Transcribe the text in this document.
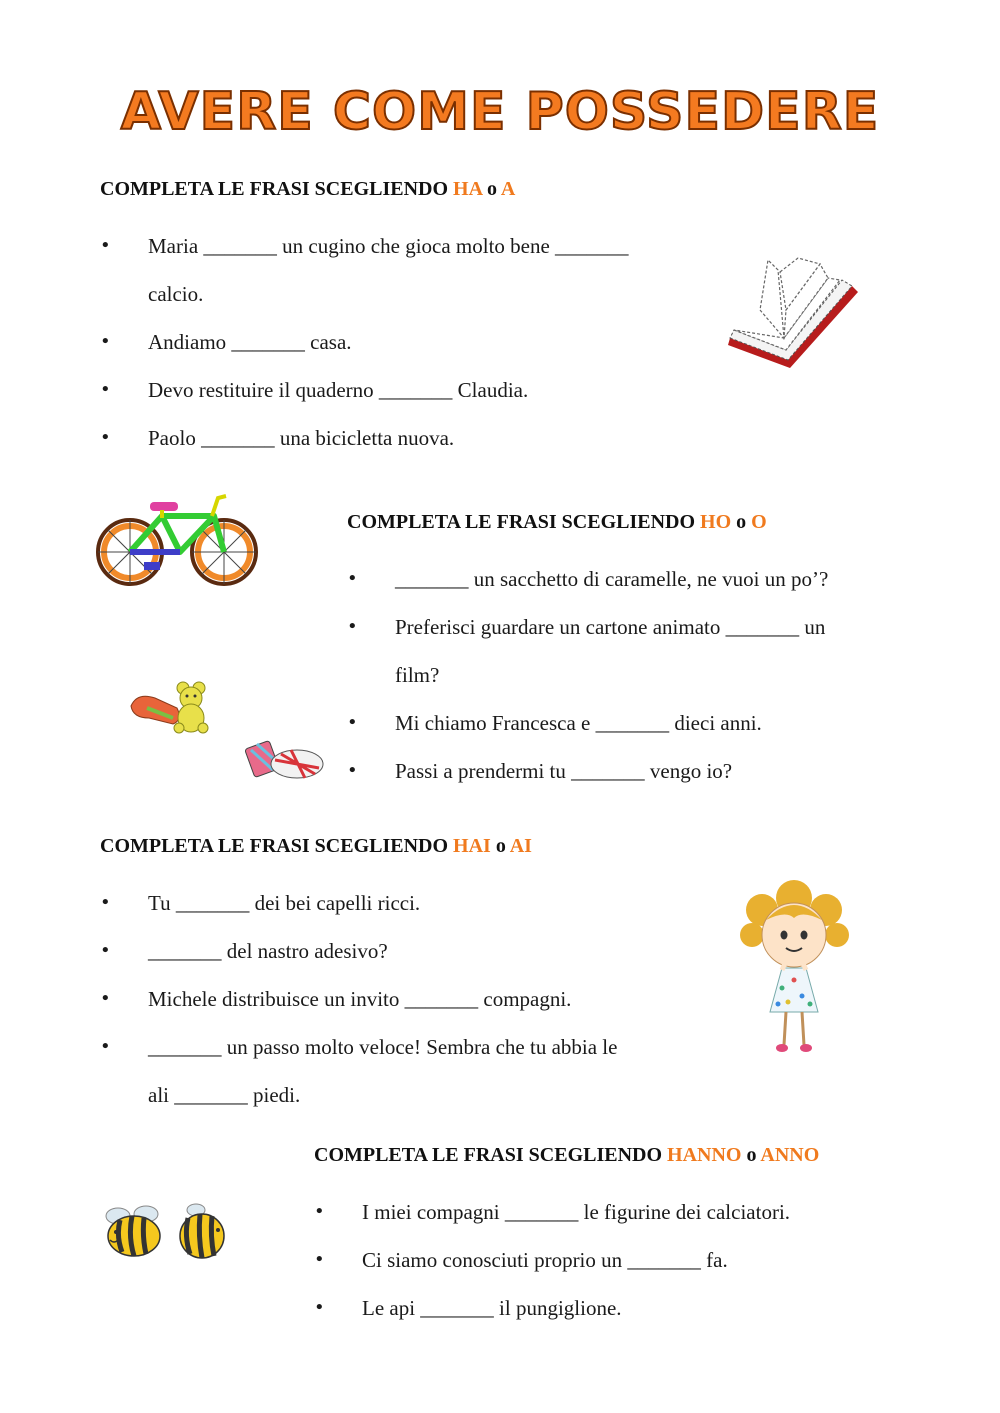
AVERE COME POSSEDERE
COMPLETA LE FRASI SCEGLIENDO HA o A
• Maria _______ un cugino che gioca molto bene _______
calcio.
• Andiamo _______ casa.
• Devo restituire il quaderno _______ Claudia.
• Paolo _______ una bicicletta nuova.
COMPLETA LE FRASI SCEGLIENDO HO o O
• _______ un sacchetto di caramelle, ne vuoi un po’?
• Preferisci guardare un cartone animato _______ un
film?
• Mi chiamo Francesca e _______ dieci anni.
• Passi a prendermi tu _______ vengo io?
COMPLETA LE FRASI SCEGLIENDO HAI o AI
• Tu _______ dei bei capelli ricci.
• _______ del nastro adesivo?
• Michele distribuisce un invito _______ compagni.
• _______ un passo molto veloce! Sembra che tu abbia le
ali _______ piedi.
COMPLETA LE FRASI SCEGLIENDO HANNO o ANNO
• I miei compagni _______ le figurine dei calciatori.
• Ci siamo conosciuti proprio un _______ fa.
• Le api _______ il pungiglione.
